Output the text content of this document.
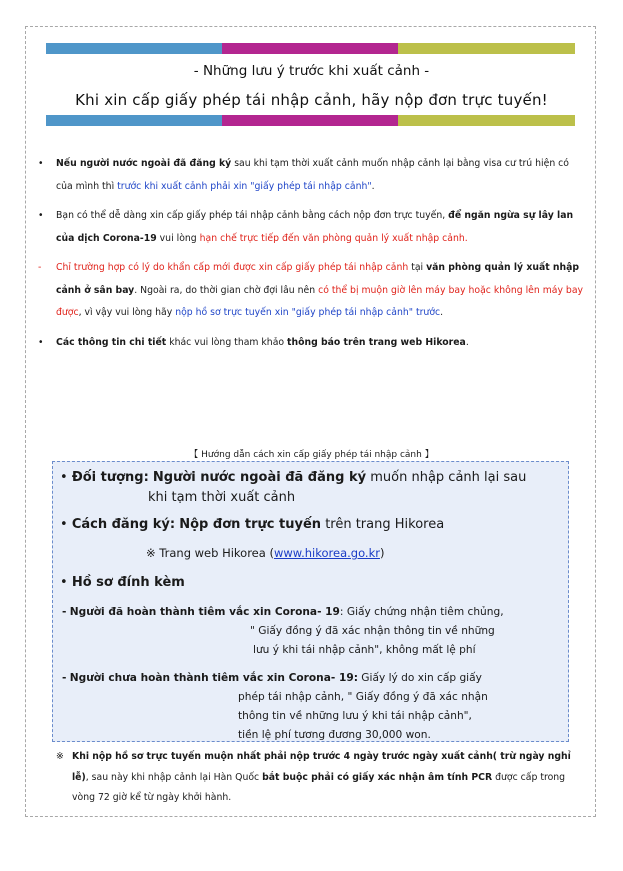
- Những lưu ý trước khi xuất cảnh -
Khi xin cấp giấy phép tái nhập cảnh, hãy nộp đơn trực tuyến!
• Nếu người nước ngoài đã đăng ký sau khi tạm thời xuất cảnh muốn nhập cảnh lại bằng visa cư trú hiện có của mình thì trước khi xuất cảnh phải xin "giấy phép tái nhập cảnh".
• Bạn có thể dễ dàng xin cấp giấy phép tái nhập cảnh bằng cách nộp đơn trực tuyến, để ngăn ngừa sự lây lan của dịch Corona-19 vui lòng hạn chế trực tiếp đến văn phòng quản lý xuất nhập cảnh.
- Chỉ trường hợp có lý do khẩn cấp mới được xin cấp giấy phép tái nhập cảnh tại văn phòng quản lý xuất nhập cảnh ở sân bay. Ngoài ra, do thời gian chờ đợi lâu nên có thể bị muộn giờ lên máy bay hoặc không lên máy bay được, vì vậy vui lòng hãy nộp hồ sơ trực tuyến xin "giấy phép tái nhập cảnh" trước.
• Các thông tin chi tiết khác vui lòng tham khảo thông báo trên trang web Hikorea.
【 Hướng dẫn cách xin cấp giấy phép tái nhập cảnh 】
• Đối tượng: Người nước ngoài đã đăng ký muốn nhập cảnh lại sau
khi tạm thời xuất cảnh
• Cách đăng ký: Nộp đơn trực tuyến trên trang Hikorea
※ Trang web Hikorea (www.hikorea.go.kr)
• Hồ sơ đính kèm
- Người đã hoàn thành tiêm vắc xin Corona- 19: Giấy chứng nhận tiêm chủng,
" Giấy đồng ý đã xác nhận thông tin về những
lưu ý khi tái nhập cảnh", không mất lệ phí
- Người chưa hoàn thành tiêm vắc xin Corona- 19: Giấy lý do xin cấp giấy
phép tái nhập cảnh, " Giấy đồng ý đã xác nhận
thông tin về những lưu ý khi tái nhập cảnh",
tiền lệ phí tương đương 30,000 won.
※ Khi nộp hồ sơ trực tuyến muộn nhất phải nộp trước 4 ngày trước ngày xuất cảnh( trừ ngày nghỉ lễ), sau này khi nhập cảnh lại Hàn Quốc bắt buộc phải có giấy xác nhận âm tính PCR được cấp trong vòng 72 giờ kể từ ngày khởi hành.
